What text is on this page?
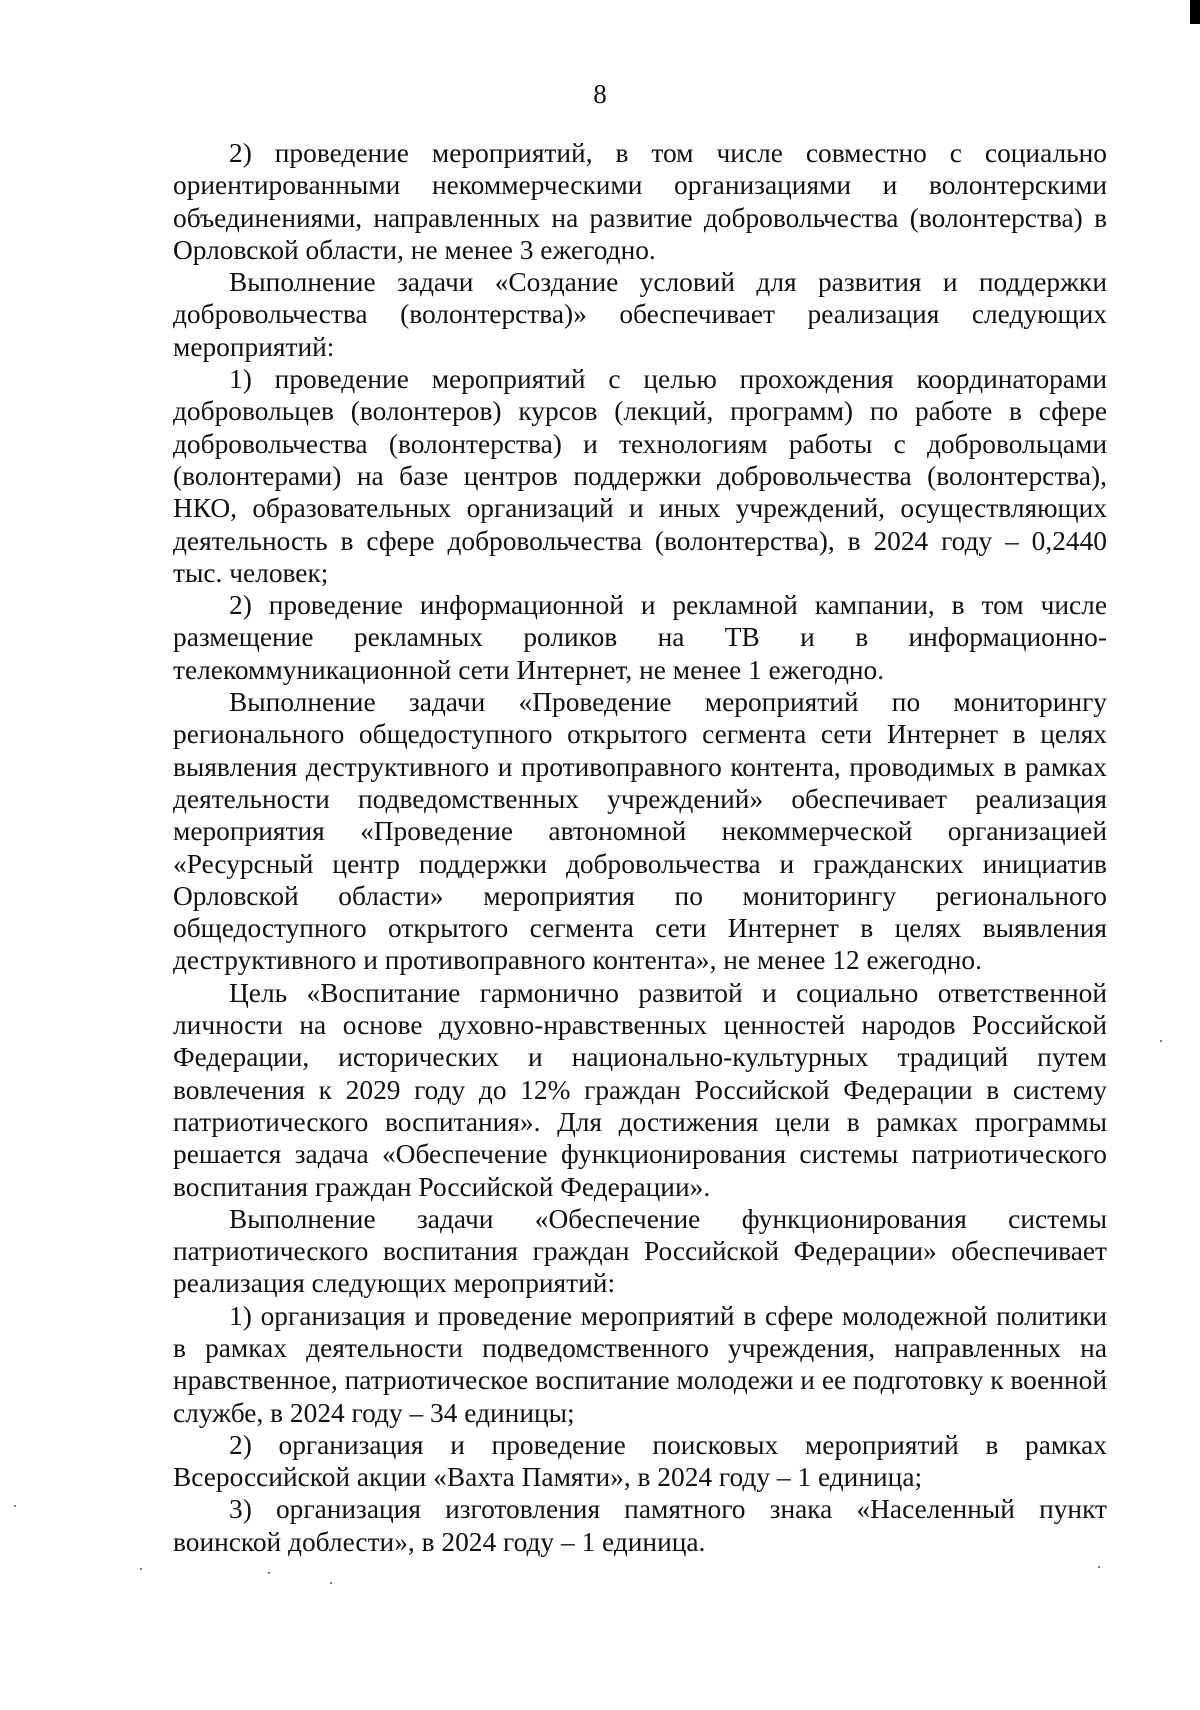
8

2) проведение мероприятий, в том числе совместно с социально ориентированными некоммерческими организациями и волонтерскими объединениями, направленных на развитие добровольчества (волонтерства) в Орловской области, не менее 3 ежегодно.

Выполнение задачи «Создание условий для развития и поддержки добровольчества (волонтерства)» обеспечивает реализация следующих мероприятий:

1) проведение мероприятий с целью прохождения координаторами добровольцев (волонтеров) курсов (лекций, программ) по работе в сфере добровольчества (волонтерства) и технологиям работы с добровольцами (волонтерами) на базе центров поддержки добровольчества (волонтерства), НКО, образовательных организаций и иных учреждений, осуществляющих деятельность в сфере добровольчества (волонтерства), в 2024 году – 0,2440 тыс. человек;

2) проведение информационной и рекламной кампании, в том числе размещение рекламных роликов на ТВ и в информационно-телекоммуникационной сети Интернет, не менее 1 ежегодно.

Выполнение задачи «Проведение мероприятий по мониторингу регионального общедоступного открытого сегмента сети Интернет в целях выявления деструктивного и противоправного контента, проводимых в рамках деятельности подведомственных учреждений» обеспечивает реализация мероприятия «Проведение автономной некоммерческой организацией «Ресурсный центр поддержки добровольчества и гражданских инициатив Орловской области» мероприятия по мониторингу регионального общедоступного открытого сегмента сети Интернет в целях выявления деструктивного и противоправного контента», не менее 12 ежегодно.

Цель «Воспитание гармонично развитой и социально ответственной личности на основе духовно-нравственных ценностей народов Российской Федерации, исторических и национально-культурных традиций путем вовлечения к 2029 году до 12% граждан Российской Федерации в систему патриотического воспитания». Для достижения цели в рамках программы решается задача «Обеспечение функционирования системы патриотического воспитания граждан Российской Федерации».

Выполнение задачи «Обеспечение функционирования системы патриотического воспитания граждан Российской Федерации» обеспечивает реализация следующих мероприятий:

1) организация и проведение мероприятий в сфере молодежной политики в рамках деятельности подведомственного учреждения, направленных на нравственное, патриотическое воспитание молодежи и ее подготовку к военной службе, в 2024 году – 34 единицы;

2) организация и проведение поисковых мероприятий в рамках Всероссийской акции «Вахта Памяти», в 2024 году – 1 единица;

3) организация изготовления памятного знака «Населенный пункт воинской доблести», в 2024 году – 1 единица.
